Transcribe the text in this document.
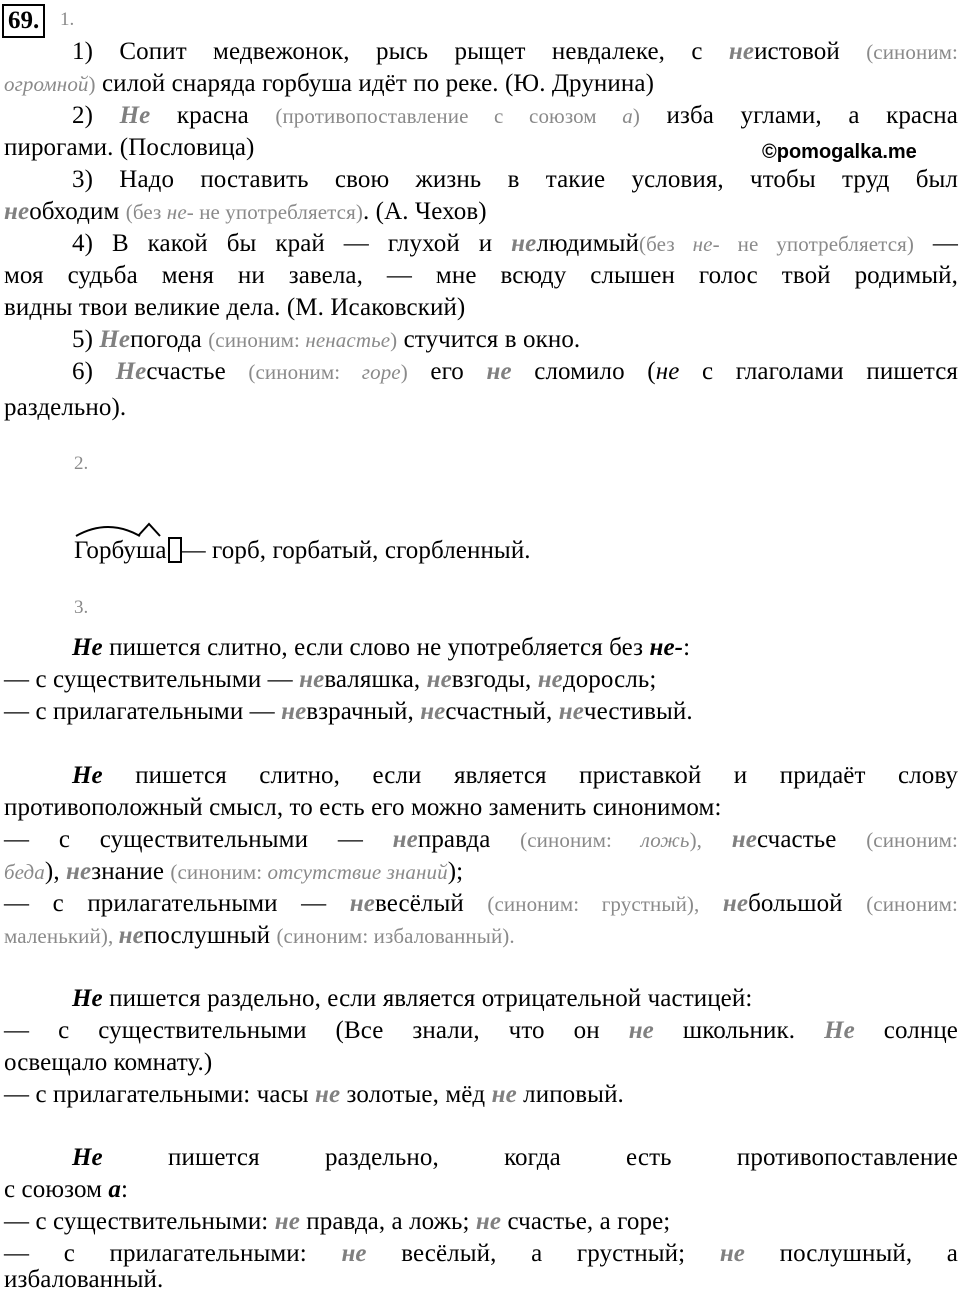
69.	1.
1) Сопит медвежонок, рысь рыщет невдалеке, с неистовой (синоним:
огромной) силой снаряда горбуша идёт по реке. (Ю. Друнина)
2) Не красна (противопоставление с союзом а) изба углами, а красна
пирогами. (Пословица)	©pomogalka.me
3) Надо поставить свою жизнь в такие условия, чтобы труд был
необходим (без не- не употребляется). (А. Чехов)
4) В какой бы край — глухой и нелюдимый(без не- не употребляется) —
моя судьба меня ни завела, — мне всюду слышен голос твой родимый,
видны твои великие дела. (М. Исаковский)
5) Непогода (синоним: ненастье) стучится в окно.
6) Несчастье (синоним: горе) его не сломило (не с глаголами пишется
раздельно).
2.
Горбуша — горб, горбатый, сгорбленный.
3.
Не пишется слитно, если слово не употребляется без не-:
— с существительными — неваляшка, невзгоды, недоросль;
— с прилагательными — невзрачный, несчастный, нечестивый.
Не пишется слитно, если является приставкой и придаёт слову
противоположный смысл, то есть его можно заменить синонимом:
— с существительными — неправда (синоним: ложь), несчастье (синоним:
беда), незнание (синоним: отсутствие знаний);
— с прилагательными — невесёлый (синоним: грустный), небольшой (синоним:
маленький), непослушный (синоним: избалованный).
Не пишется раздельно, если является отрицательной частицей:
— с существительными (Все знали, что он не школьник. Не солнце
освещало комнату.)
— с прилагательными: часы не золотые, мёд не липовый.
Не пишется раздельно, когда есть противопоставление
с союзом а:
— с существительными: не правда, а ложь; не счастье, а горе;
— с прилагательными: не весёлый, а грустный; не послушный, а
избалованный.
